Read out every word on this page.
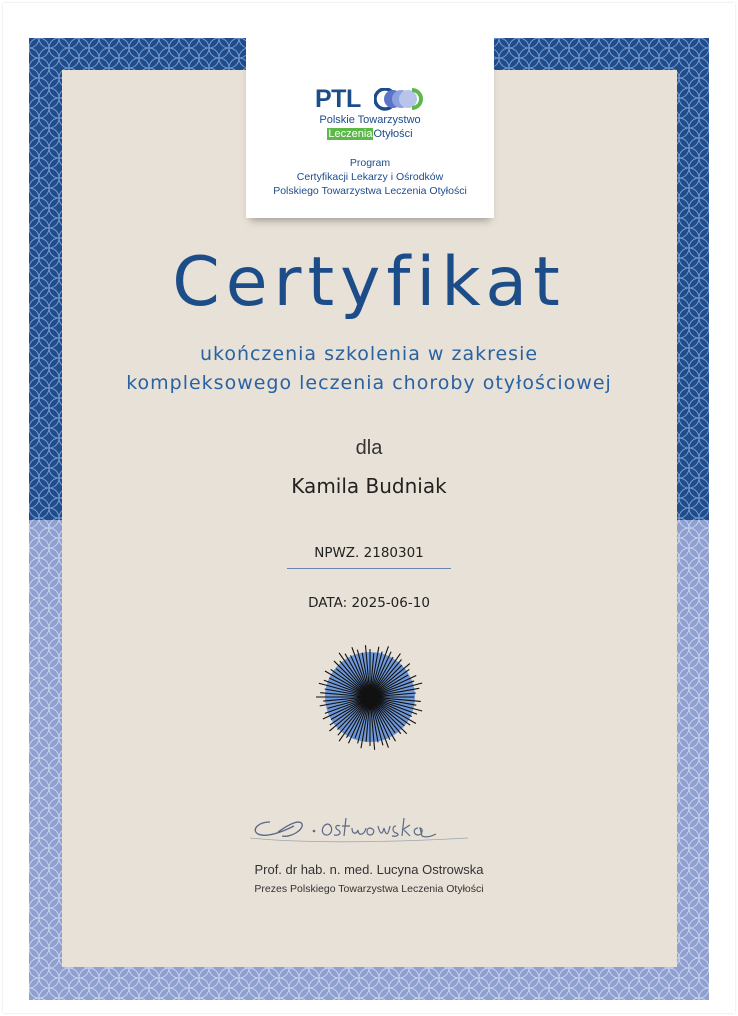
PTL
Polskie Towarzystwo
LeczeniaOtyłości
Program
Certyfikacji Lekarzy i Ośrodków
Polskiego Towarzystwa Leczenia Otyłości
Certyfikat
ukończenia szkolenia w zakresie
kompleksowego leczenia choroby otyłościowej
dla
Kamila Budniak
NPWZ. 2180301
DATA: 2025-06-10
Prof. dr hab. n. med. Lucyna Ostrowska
Prezes Polskiego Towarzystwa Leczenia Otyłości
